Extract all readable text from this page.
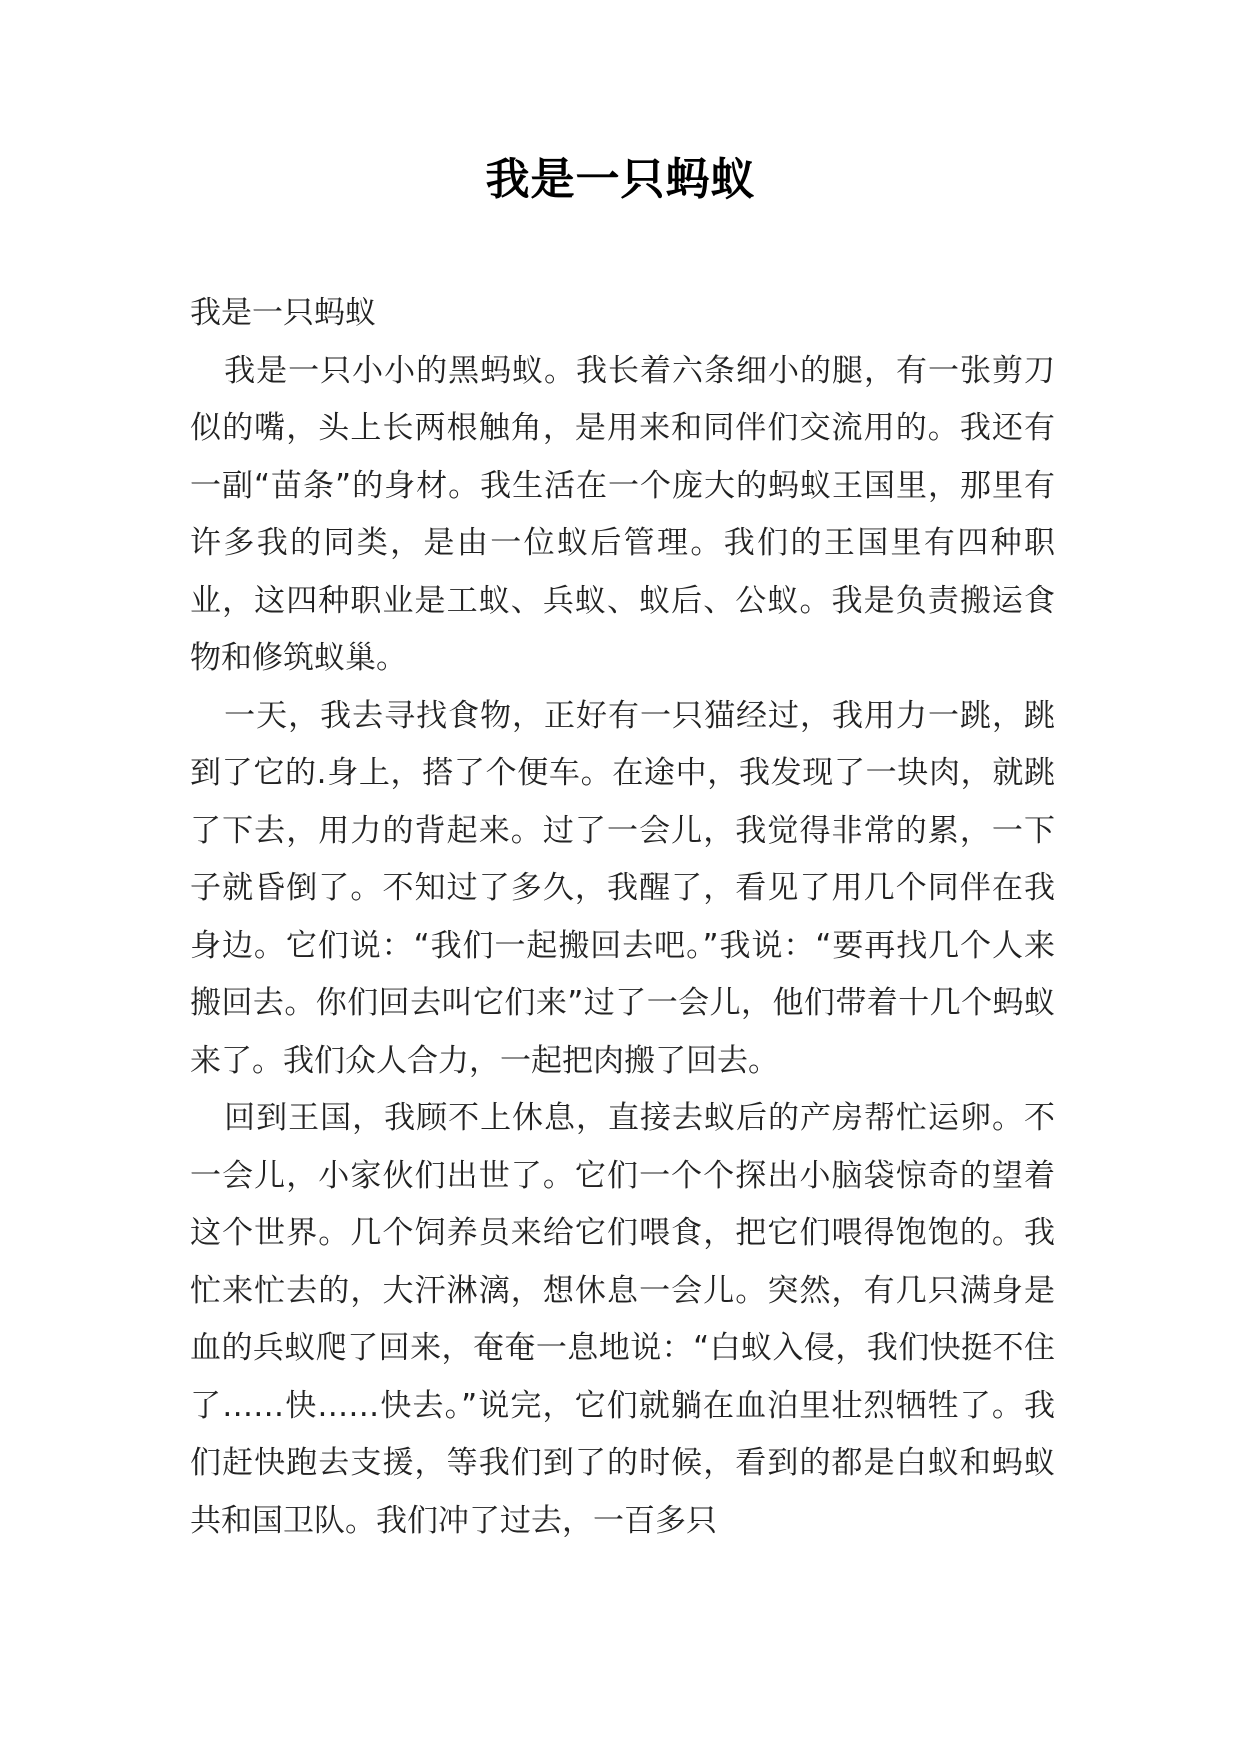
我是一只蚂蚁

我是一只蚂蚁

我是一只小小的黑蚂蚁。我长着六条细小的腿，有一张剪刀似的嘴，头上长两根触角，是用来和同伴们交流用的。我还有一副“苗条”的身材。我生活在一个庞大的蚂蚁王国里，那里有许多我的同类，是由一位蚁后管理。我们的王国里有四种职业，这四种职业是工蚁、兵蚁、蚁后、公蚁。我是负责搬运食物和修筑蚁巢。

一天，我去寻找食物，正好有一只猫经过，我用力一跳，跳到了它的.身上，搭了个便车。在途中，我发现了一块肉，就跳了下去，用力的背起来。过了一会儿，我觉得非常的累，一下子就昏倒了。不知过了多久，我醒了，看见了用几个同伴在我身边。它们说：“我们一起搬回去吧。”我说：“要再找几个人来搬回去。你们回去叫它们来”过了一会儿，他们带着十几个蚂蚁来了。我们众人合力，一起把肉搬了回去。

回到王国，我顾不上休息，直接去蚁后的产房帮忙运卵。不一会儿，小家伙们出世了。它们一个个探出小脑袋惊奇的望着这个世界。几个饲养员来给它们喂食，把它们喂得饱饱的。我忙来忙去的，大汗淋漓，想休息一会儿。突然，有几只满身是血的兵蚁爬了回来，奄奄一息地说：“白蚁入侵，我们快挺不住了……快……快去。”说完，它们就躺在血泊里壮烈牺牲了。我们赶快跑去支援，等我们到了的时候，看到的都是白蚁和蚂蚁共和国卫队。我们冲了过去，一百多只
